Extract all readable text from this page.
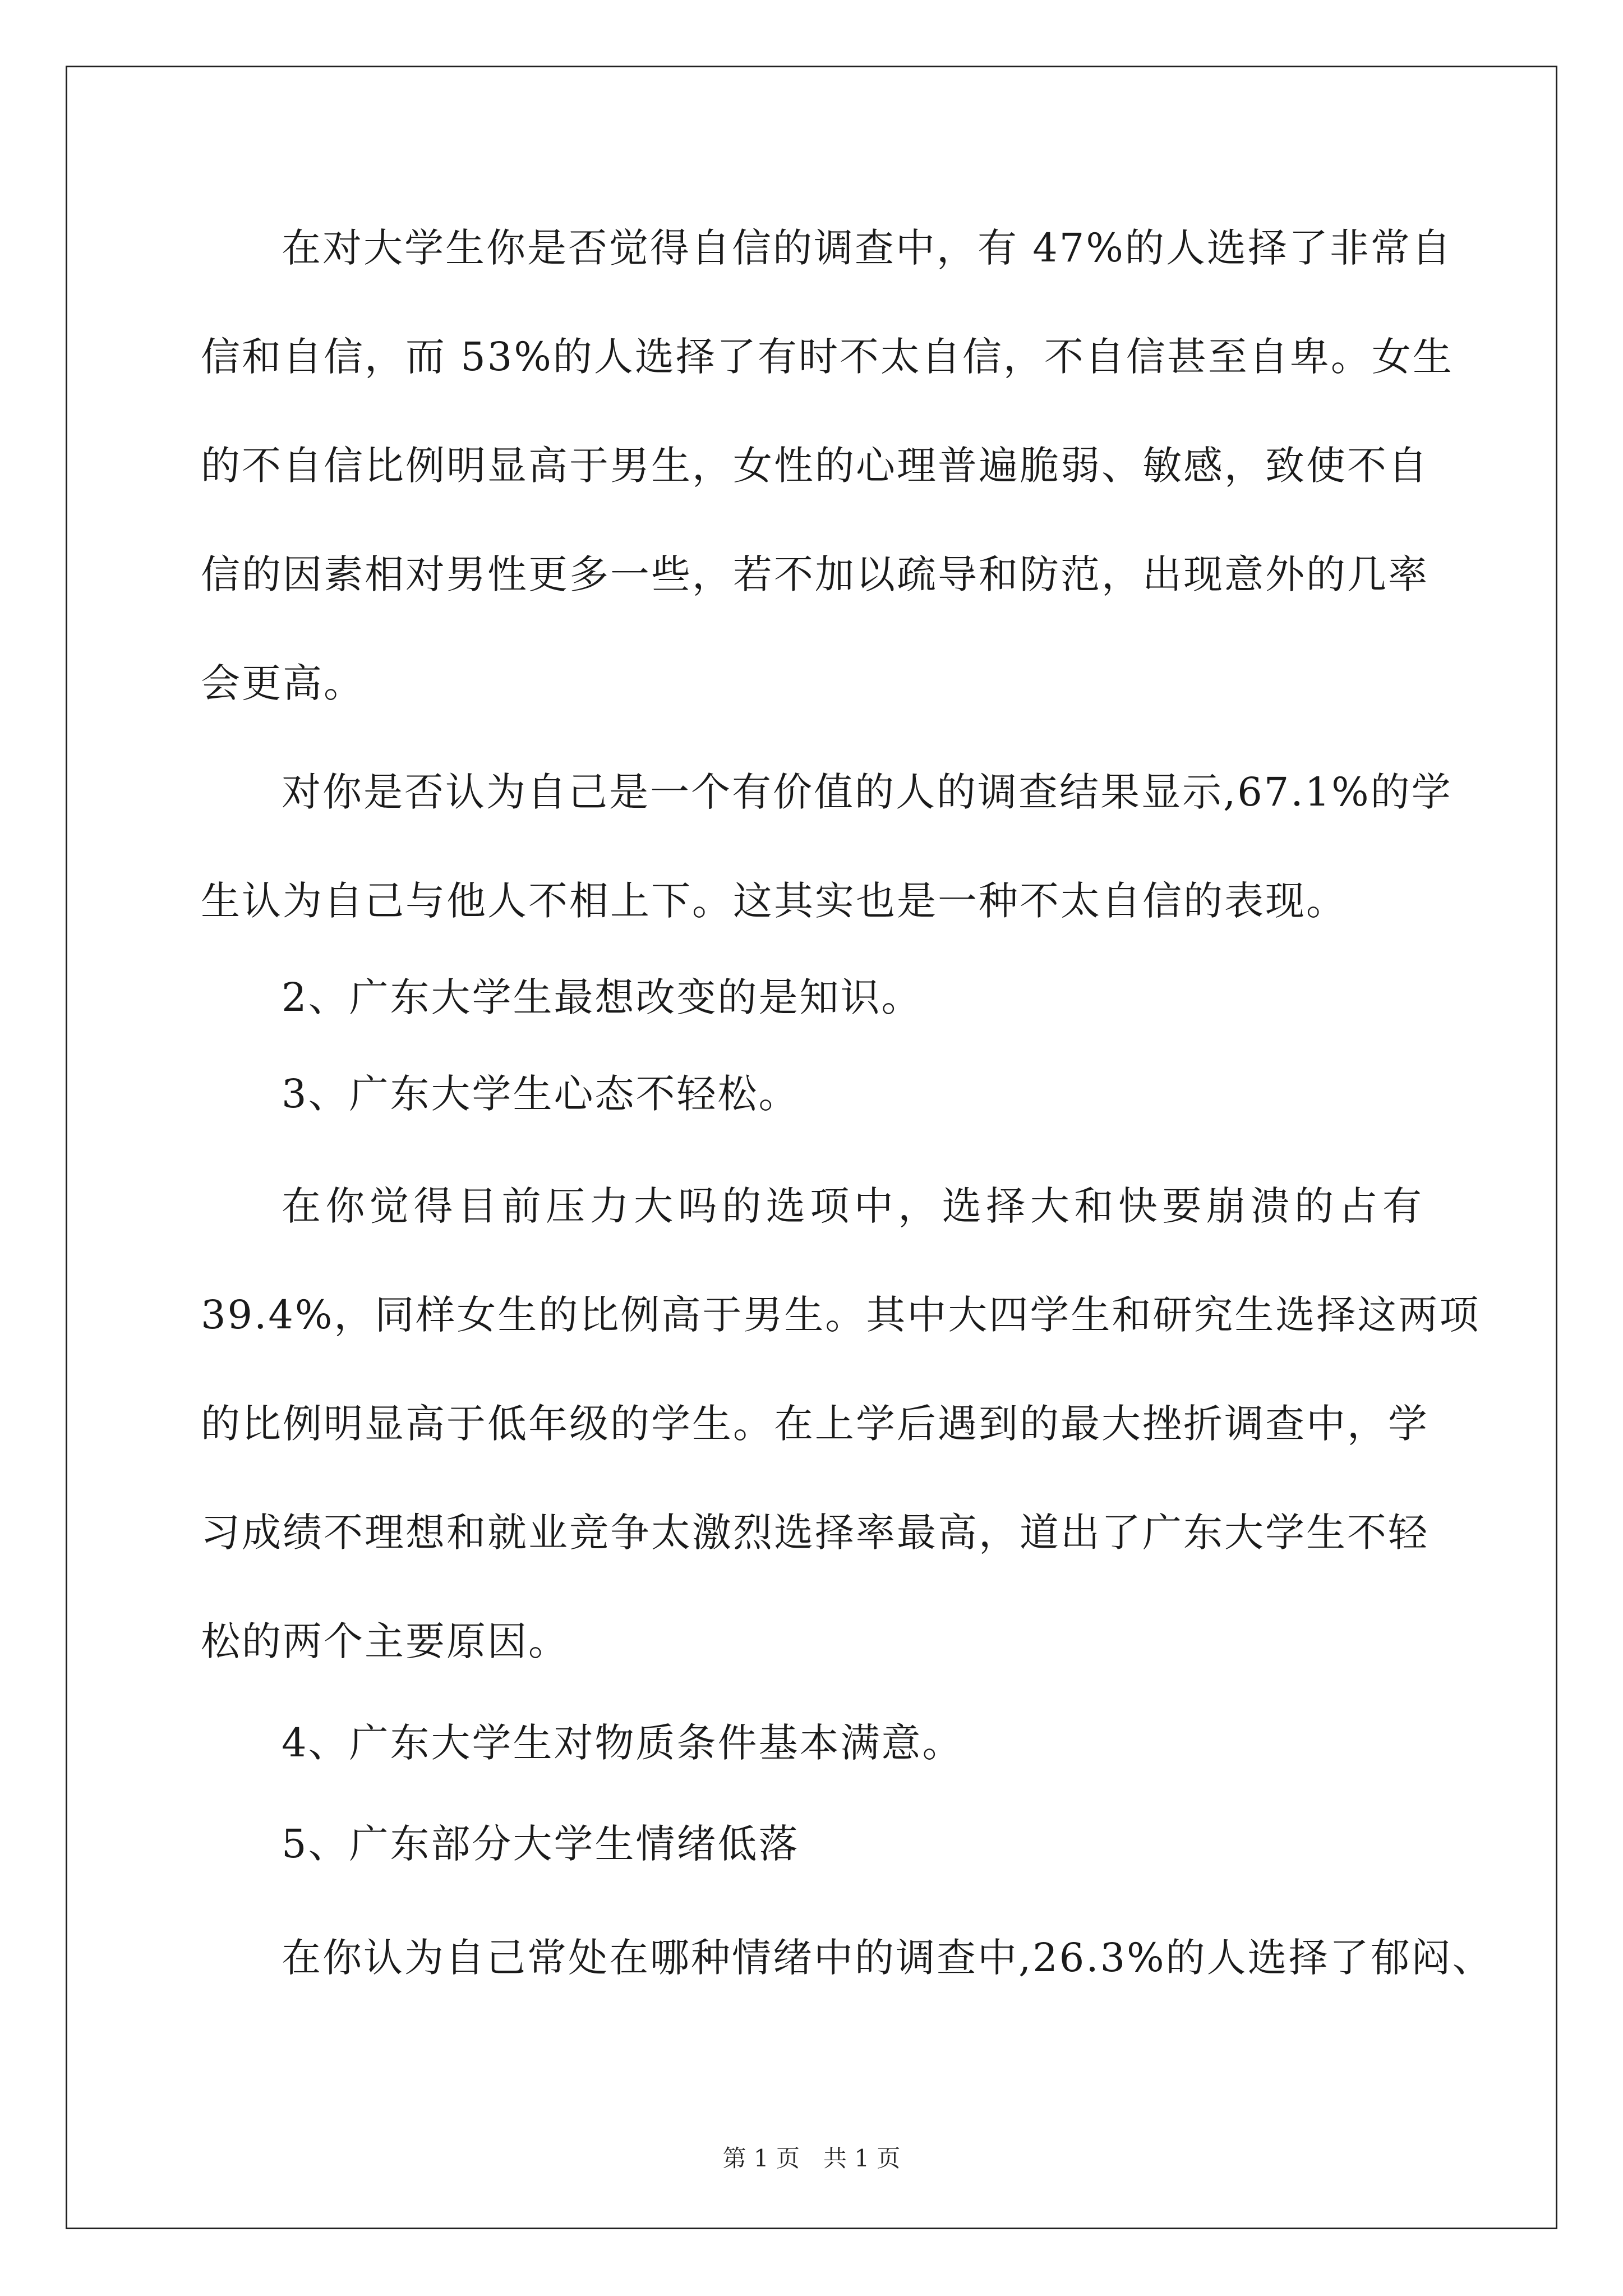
在对大学生你是否觉得自信的调查中，有 47%的人选择了非常自
信和自信，而 53%的人选择了有时不太自信，不自信甚至自卑。女生
的不自信比例明显高于男生，女性的心理普遍脆弱、敏感，致使不自
信的因素相对男性更多一些，若不加以疏导和防范，出现意外的几率
会更高。
对你是否认为自己是一个有价值的人的调查结果显示,67.1%的学
生认为自己与他人不相上下。这其实也是一种不太自信的表现。
2、广东大学生最想改变的是知识。
3、广东大学生心态不轻松。
在你觉得目前压力大吗的选项中，选择大和快要崩溃的占有
39.4%，同样女生的比例高于男生。其中大四学生和研究生选择这两项
的比例明显高于低年级的学生。在上学后遇到的最大挫折调查中，学
习成绩不理想和就业竞争太激烈选择率最高，道出了广东大学生不轻
松的两个主要原因。
4、广东大学生对物质条件基本满意。
5、广东部分大学生情绪低落
在你认为自己常处在哪种情绪中的调查中,26.3%的人选择了郁闷、
第 1 页　共 1 页
